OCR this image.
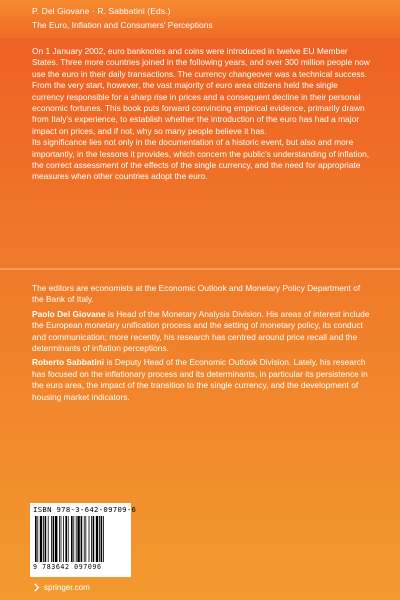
P. Del Giovane · R. Sabbatini (Eds.)
The Euro, Inflation and Consumers' Perceptions

On 1 January 2002, euro banknotes and coins were introduced in twelve EU Member States. Three more countries joined in the following years, and over 300 million people now use the euro in their daily transactions. The currency changeover was a technical success. From the very start, however, the vast majority of euro area citizens held the single currency responsible for a sharp rise in prices and a consequent decline in their personal economic fortunes. This book puts forward convincing empirical evidence, primarily drawn from Italy's experience, to establish whether the introduction of the euro has had a major impact on prices, and if not, why so many people believe it has.

Its significance lies not only in the documentation of a historic event, but also and more importantly, in the lessons it provides, which concern the public's understanding of inflation, the correct assessment of the effects of the single currency, and the need for appropriate measures when other countries adopt the euro.

The editors are economists at the Economic Outlook and Monetary Policy Department of the Bank of Italy.

Paolo Del Giovane is Head of the Monetary Analysis Division. His areas of interest include the European monetary unification process and the setting of monetary policy, its conduct and communication; more recently, his research has centred around price recall and the determinants of inflation perceptions.

Roberto Sabbatini is Deputy Head of the Economic Outlook Division. Lately, his research has focused on the inflationary process and its determinants, in particular its persistence in the euro area, the impact of the transition to the single currency, and the development of housing market indicators.

ISBN 978-3-642-09709-6
9 783642 097096
springer.com
